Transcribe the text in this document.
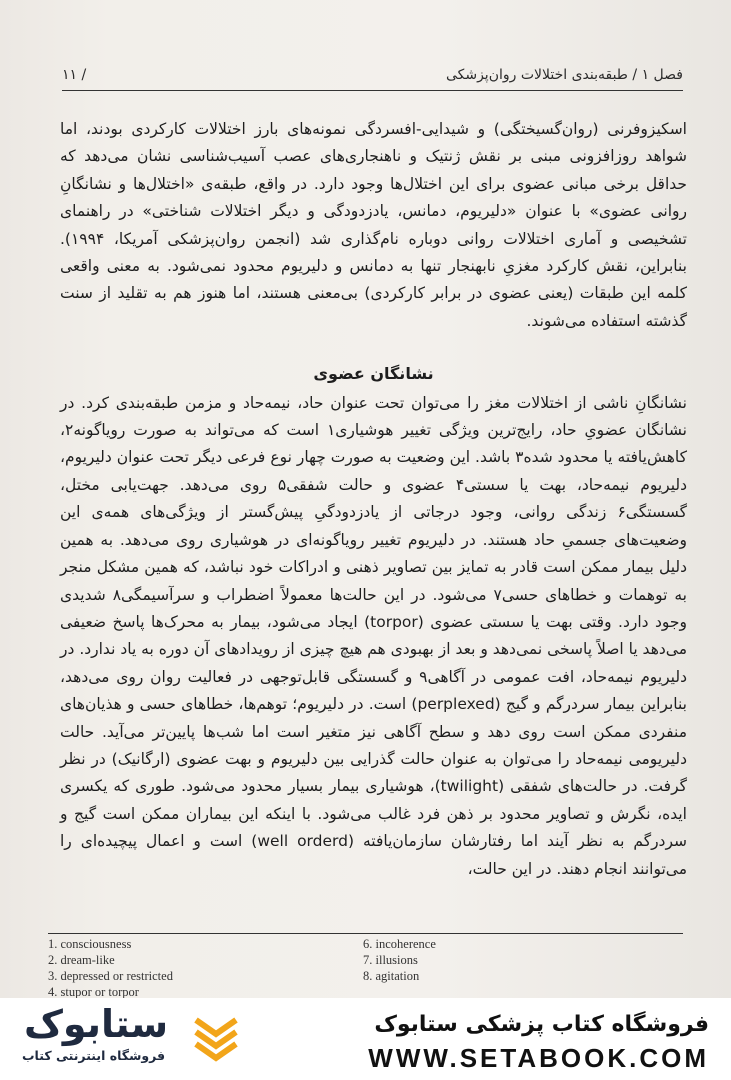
فصل ۱ / طبقه‌بندی اختلالات روان‌پزشکی
/ ۱۱

اسکیزوفرنی (روان‌گسیختگی) و شیدایی-افسردگی نمونه‌های بارز اختلالات کارکردی بودند، اما شواهد روزافزونی مبنی بر نقش ژنتیک و ناهنجاری‌های عصب آسیب‌شناسی نشان می‌دهد که حداقل برخی مبانی عضوی برای این اختلال‌ها وجود دارد. در واقع، طبقه‌ی «اختلال‌ها و نشانگانِ روانی عضوی» با عنوان «دلیریوم، دمانس، یادزدودگی و دیگر اختلالات شناختی» در راهنمای تشخیصی و آماری اختلالات روانی دوباره نام‌گذاری شد (انجمن روان‌پزشکی آمریکا، ۱۹۹۴). بنابراین، نقش کارکرد مغزیِ نابهنجار تنها به دمانس و دلیریوم محدود نمی‌شود. به معنی واقعی کلمه این طبقات (یعنی عضوی در برابر کارکردی) بی‌معنی هستند، اما هنوز هم به تقلید از سنت گذشته استفاده می‌شوند.

نشانگان عضوی

نشانگانِ ناشی از اختلالات مغز را می‌توان تحت عنوان حاد، نیمه‌حاد و مزمن طبقه‌بندی کرد. در نشانگان عضویِ حاد، رایج‌ترین ویژگی تغییر هوشیاری۱ است که می‌تواند به صورت رویاگونه۲، کاهش‌یافته یا محدود شده۳ باشد. این وضعیت به صورت چهار نوع فرعی دیگر تحت عنوان دلیریوم، دلیریوم نیمه‌حاد، بهت یا سستی۴ عضوی و حالت شفقی۵ روی می‌دهد. جهت‌یابی مختل، گسستگی۶ زندگی روانی، وجود درجاتی از یادزدودگیِ پیش‌گستر از ویژگی‌های همه‌ی این وضعیت‌های جسمیِ حاد هستند. در دلیریوم تغییر رویاگونه‌ای در هوشیاری روی می‌دهد. به همین دلیل بیمار ممکن است قادر به تمایز بین تصاویر ذهنی و ادراکات خود نباشد، که همین مشکل منجر به توهمات و خطاهای حسی۷ می‌شود. در این حالت‌ها معمولاً اضطراب و سرآسیمگی۸ شدیدی وجود دارد. وقتی بهت یا سستی عضوی (torpor) ایجاد می‌شود، بیمار به محرک‌ها پاسخ ضعیفی می‌دهد یا اصلاً پاسخی نمی‌دهد و بعد از بهبودی هم هیچ چیزی از رویدادهای آن دوره به یاد ندارد. در دلیریوم نیمه‌حاد، افت عمومی در آگاهی۹ و گسستگی قابل‌توجهی در فعالیت روان روی می‌دهد، بنابراین بیمار سردرگم و گیج (perplexed) است. در دلیریوم؛ توهم‌ها، خطاهای حسی و هذیان‌های منفردی ممکن است روی دهد و سطح آگاهی نیز متغیر است اما شب‌ها پایین‌تر می‌آید. حالت دلیریومی نیمه‌حاد را می‌توان به عنوان حالت گذرایی بین دلیریوم و بهت عضوی (ارگانیک) در نظر گرفت. در حالت‌های شفقی (twilight)، هوشیاری بیمار بسیار محدود می‌شود. طوری که یکسری ایده، نگرش و تصاویر محدود بر ذهن فرد غالب می‌شود. با اینکه این بیماران ممکن است گیج و سردرگم به نظر آیند اما رفتارشان سازمان‌یافته (well orderd) است و اعمال پیچیده‌ای را می‌توانند انجام دهند. در این حالت،

1. consciousness
2. dream-like
3. depressed or restricted
4. stupor or torpor
6. incoherence
7. illusions
8. agitation
ستابوک
فروشگاه اینترنتی کتاب
فروشگاه کتاب پزشکی ستابوک
WWW.SETABOOK.COM
